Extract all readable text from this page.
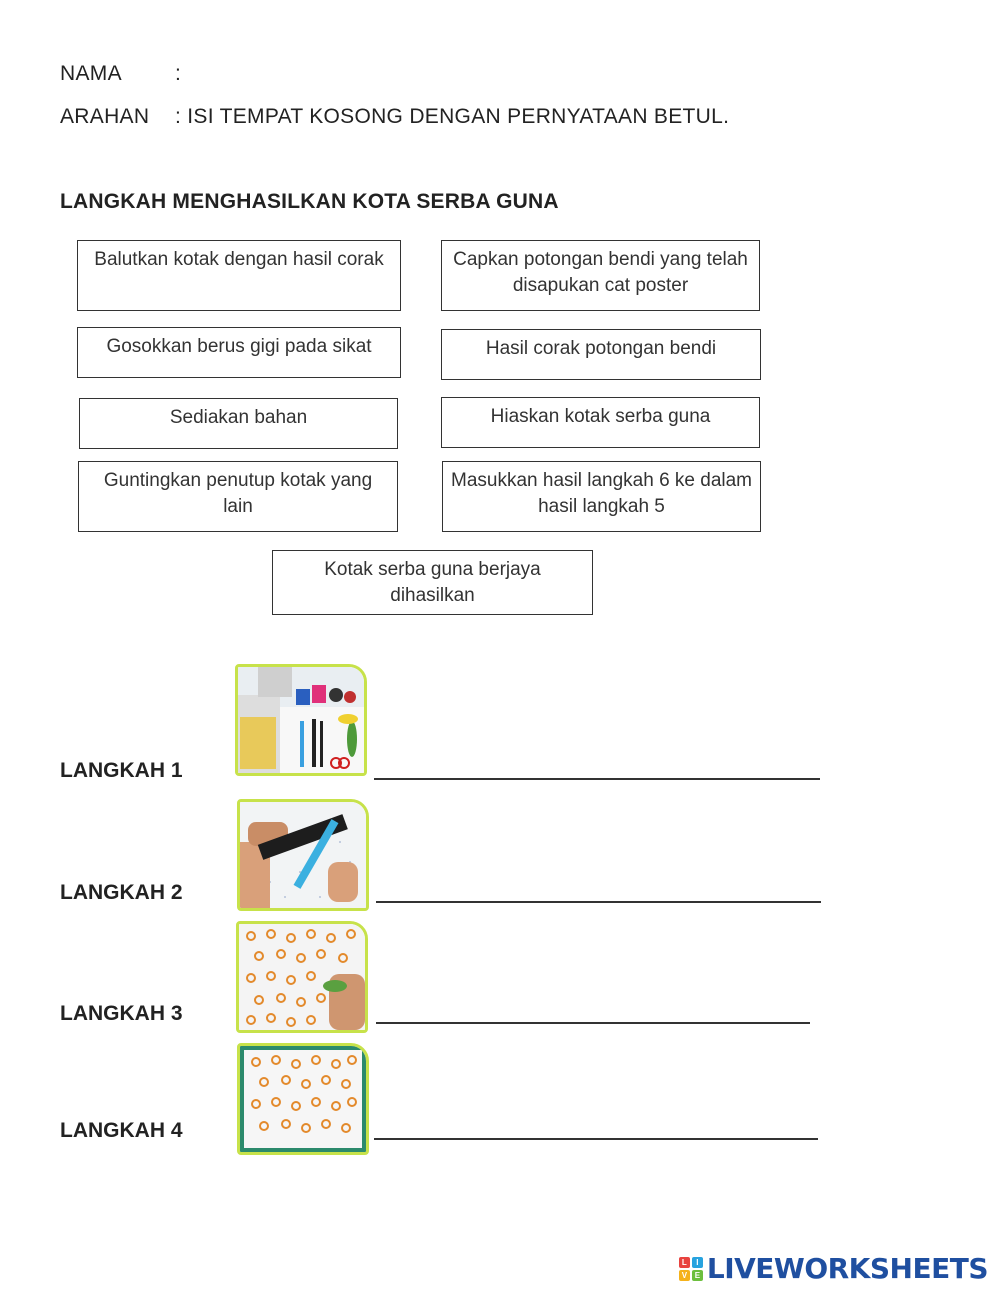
NAMA	:
ARAHAN : ISI TEMPAT KOSONG DENGAN PERNYATAAN BETUL.
LANGKAH MENGHASILKAN KOTA SERBA GUNA
Balutkan kotak dengan hasil corak	Capkan potongan bendi yang telah disapukan cat poster
Gosokkan berus gigi pada sikat	Hasil corak potongan bendi
Sediakan bahan	Hiaskan kotak serba guna
Guntingkan penutup kotak yang lain
Masukkan hasil langkah 6 ke dalam hasil langkah 5
Kotak serba guna berjaya dihasilkan
LANGKAH 1
LANGKAH 2
LANGKAH 3
LANGKAH 4
L	I
V E LIVEWORKSHEETS
